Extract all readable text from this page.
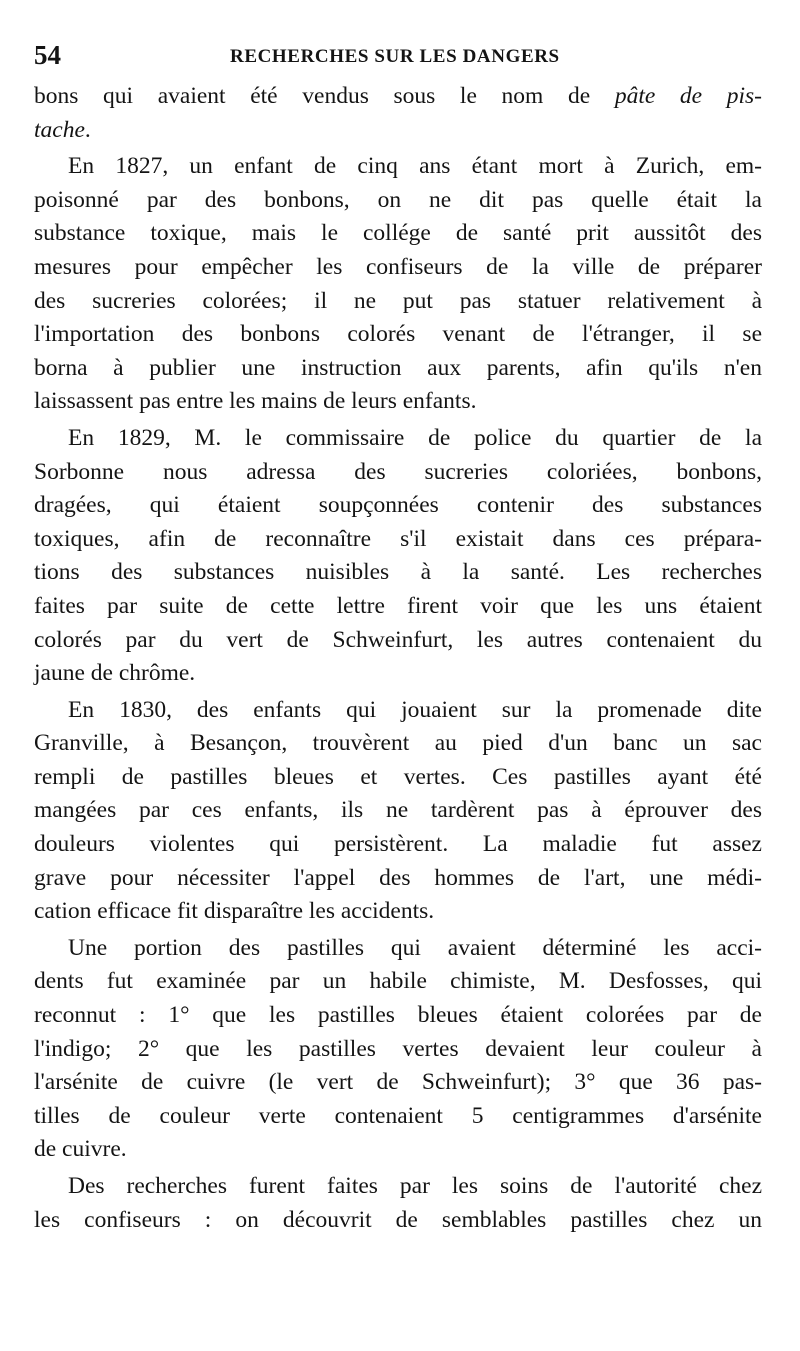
54	RECHERCHES SUR LES DANGERS
bons qui avaient été vendus sous le nom de pâte de pis-
tache.
En 1827, un enfant de cinq ans étant mort à Zurich, em-
poisonné par des bonbons, on ne dit pas quelle était la
substance toxique, mais le collége de santé prit aussitôt des
mesures pour empêcher les confiseurs de la ville de préparer
des sucreries colorées; il ne put pas statuer relativement à
l'importation des bonbons colorés venant de l'étranger, il se
borna à publier une instruction aux parents, afin qu'ils n'en
laissassent pas entre les mains de leurs enfants.
En 1829, M. le commissaire de police du quartier de la
Sorbonne nous adressa des sucreries coloriées, bonbons,
dragées, qui étaient soupçonnées contenir des substances
toxiques, afin de reconnaître s'il existait dans ces prépara-
tions des substances nuisibles à la santé. Les recherches
faites par suite de cette lettre firent voir que les uns étaient
colorés par du vert de Schweinfurt, les autres contenaient du
jaune de chrôme.
En 1830, des enfants qui jouaient sur la promenade dite
Granville, à Besançon, trouvèrent au pied d'un banc un sac
rempli de pastilles bleues et vertes. Ces pastilles ayant été
mangées par ces enfants, ils ne tardèrent pas à éprouver des
douleurs violentes qui persistèrent. La maladie fut assez
grave pour nécessiter l'appel des hommes de l'art, une médi-
cation efficace fit disparaître les accidents.
Une portion des pastilles qui avaient déterminé les acci-
dents fut examinée par un habile chimiste, M. Desfosses, qui
reconnut : 1° que les pastilles bleues étaient colorées par de
l'indigo; 2° que les pastilles vertes devaient leur couleur à
l'arsénite de cuivre (le vert de Schweinfurt); 3° que 36 pas-
tilles de couleur verte contenaient 5 centigrammes d'arsénite
de cuivre.
Des recherches furent faites par les soins de l'autorité chez
les confiseurs : on découvrit de semblables pastilles chez un
